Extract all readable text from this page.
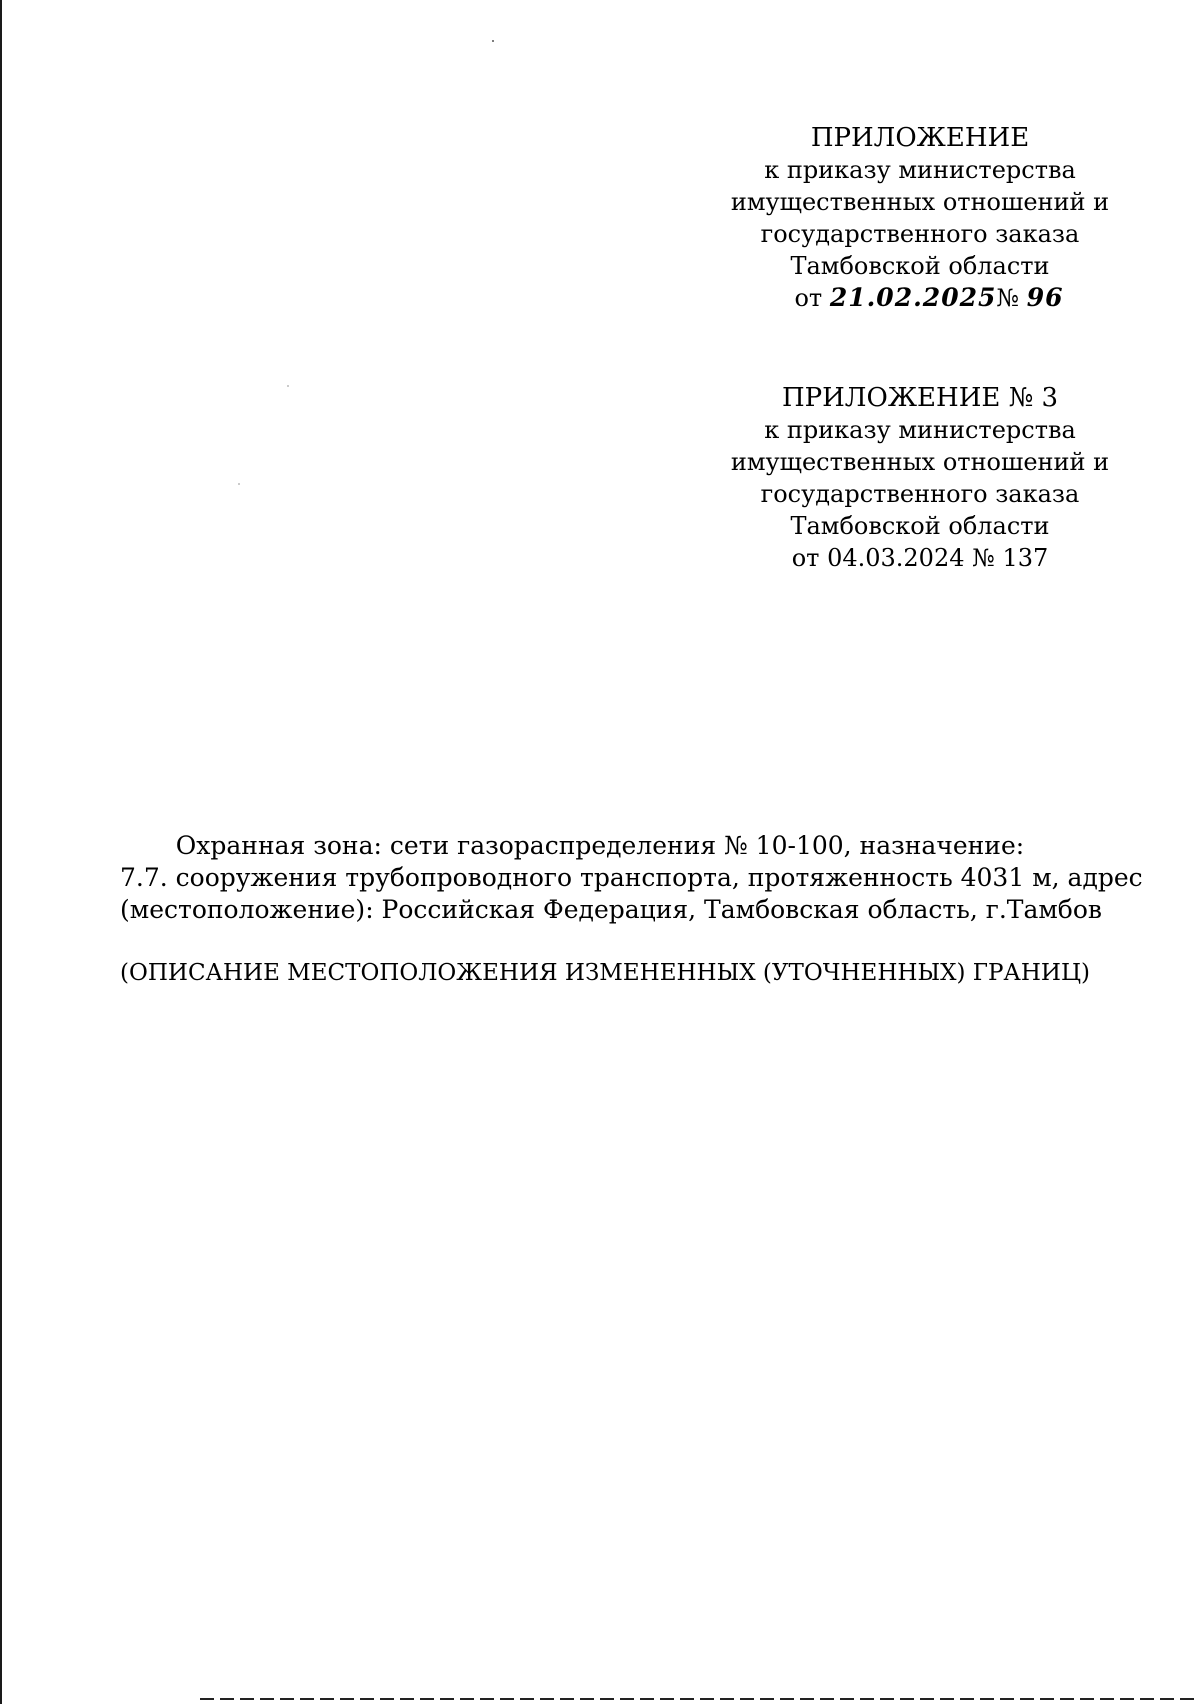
ПРИЛОЖЕНИЕ
к приказу министерства
имущественных отношений и
государственного заказа
Тамбовской области
от 21.02.2025№ 96
ПРИЛОЖЕНИЕ № 3
к приказу министерства
имущественных отношений и
государственного заказа
Тамбовской области
от 04.03.2024 № 137
Охранная зона: сети газораспределения № 10-100, назначение:
7.7. сооружения трубопроводного транспорта, протяженность 4031 м, адрес
(местоположение): Российская Федерация, Тамбовская область, г.Тамбов
(ОПИСАНИЕ МЕСТОПОЛОЖЕНИЯ ИЗМЕНЕННЫХ (УТОЧНЕННЫХ) ГРАНИЦ)
